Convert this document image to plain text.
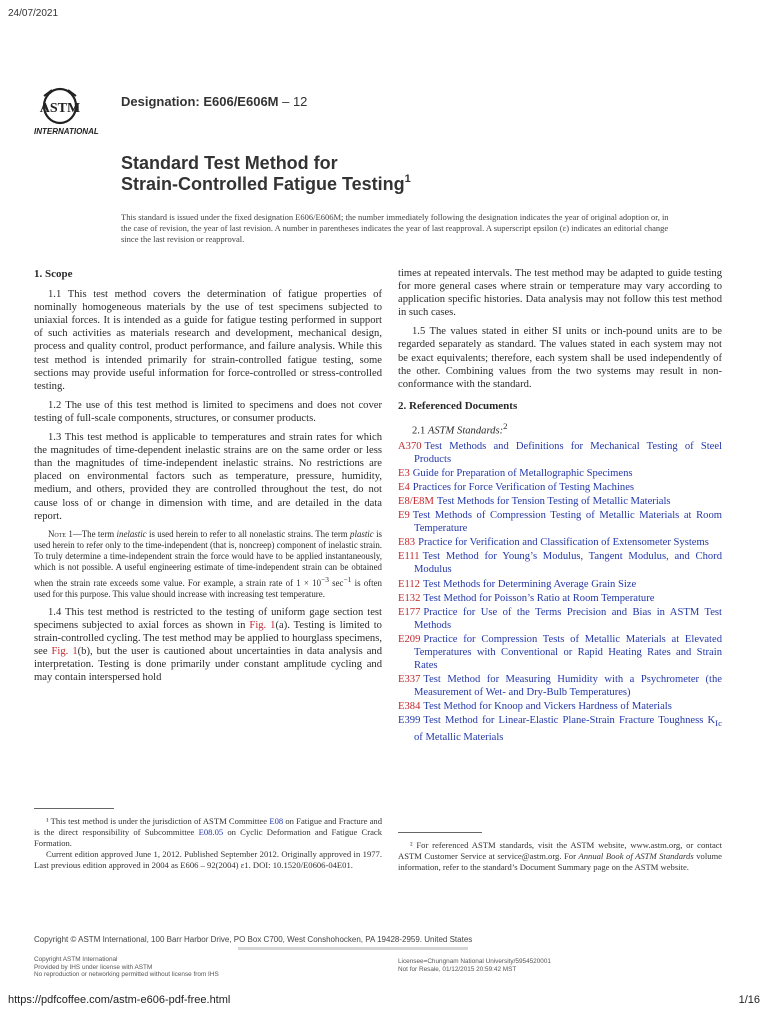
24/07/2021
ASTM
INTERNATIONAL
Designation: E606/E606M – 12
Standard Test Method for
Strain-Controlled Fatigue Testing$^1$
This standard is issued under the fixed designation E606/E606M; the number immediately following the designation indicates the year of original adoption or, in the case of revision, the year of last revision. A number in parentheses indicates the year of last reapproval. A superscript epsilon (ε) indicates an editorial change since the last revision or reapproval.
1. Scope

1.1 This test method covers the determination of fatigue properties of nominally homogeneous materials by the use of test specimens subjected to uniaxial forces. It is intended as a guide for fatigue testing performed in support of such activities as materials research and development, mechanical design, process and quality control, product performance, and failure analysis. While this test method is intended primarily for strain-controlled fatigue testing, some sections may provide useful information for force-controlled or stress-controlled testing.

1.2 The use of this test method is limited to specimens and does not cover testing of full-scale components, structures, or consumer products.

1.3 This test method is applicable to temperatures and strain rates for which the magnitudes of time-dependent inelastic strains are on the same order or less than the magnitudes of time-independent inelastic strains. No restrictions are placed on environmental factors such as temperature, pressure, humidity, medium, and others, provided they are controlled throughout the test, do not cause loss of or change in dimension with time, and are detailed in the data report.

Note 1—The term inelastic is used herein to refer to all nonelastic strains. The term plastic is used herein to refer only to the time-independent (that is, noncreep) component of inelastic strain. To truly determine a time-independent strain the force would have to be applied instantaneously, which is not possible. A useful engineering estimate of time-independent strain can be obtained when the strain rate exceeds some value. For example, a strain rate of $1 \times 10^{-3}$ $\sec^{-1}$ is often used for this purpose. This value should increase with increasing test temperature.

1.4 This test method is restricted to the testing of uniform gage section test specimens subjected to axial forces as shown in Fig. 1(a). Testing is limited to strain-controlled cycling. The test method may be applied to hourglass specimens, see Fig. 1(b), but the user is cautioned about uncertainties in data analysis and interpretation. Testing is done primarily under constant amplitude cycling and may contain interspersed hold

times at repeated intervals. The test method may be adapted to guide testing for more general cases where strain or temperature may vary according to application specific histories. Data analysis may not follow this test method in such cases.

1.5 The values stated in either SI units or inch-pound units are to be regarded separately as standard. The values stated in each system may not be exact equivalents; therefore, each system shall be used independently of the other. Combining values from the two systems may result in non-conformance with the standard.

2. Referenced Documents

2.1 ASTM Standards:$^2$

A370 Test Methods and Definitions for Mechanical Testing of Steel Products
E3 Guide for Preparation of Metallographic Specimens
E4 Practices for Force Verification of Testing Machines
E8/E8M Test Methods for Tension Testing of Metallic Materials
E9 Test Methods of Compression Testing of Metallic Materials at Room Temperature
E83 Practice for Verification and Classification of Extensometer Systems
E111 Test Method for Young’s Modulus, Tangent Modulus, and Chord Modulus
E112 Test Methods for Determining Average Grain Size
E132 Test Method for Poisson’s Ratio at Room Temperature
E177 Practice for Use of the Terms Precision and Bias in ASTM Test Methods
E209 Practice for Compression Tests of Metallic Materials at Elevated Temperatures with Conventional or Rapid Heating Rates and Strain Rates
E337 Test Method for Measuring Humidity with a Psychrometer (the Measurement of Wet- and Dry-Bulb Temperatures)
E384 Test Method for Knoop and Vickers Hardness of Materials
E399 Test Method for Linear-Elastic Plane-Strain Fracture Toughness $K_{Ic}$ of Metallic Materials

¹ This test method is under the jurisdiction of ASTM Committee E08 on Fatigue and Fracture and is the direct responsibility of Subcommittee E08.05 on Cyclic Deformation and Fatigue Crack Formation.

Current edition approved June 1, 2012. Published September 2012. Originally approved in 1977. Last previous edition approved in 2004 as E606 – 92(2004) ε1. DOI: 10.1520/E0606-04E01.

² For referenced ASTM standards, visit the ASTM website, www.astm.org, or contact ASTM Customer Service at service@astm.org. For Annual Book of ASTM Standards volume information, refer to the standard’s Document Summary page on the ASTM website.

Copyright © ASTM International, 100 Barr Harbor Drive, PO Box C700, West Conshohocken, PA 19428-2959. United States
Copyright ASTM International
Provided by IHS under license with ASTM
No reproduction or networking permitted without license from IHS
Licensee=Chungnam National University/5954520001
Not for Resale, 01/12/2015 20:59:42 MST
https://pdfcoffee.com/astm-e606-pdf-free.html	1/16
